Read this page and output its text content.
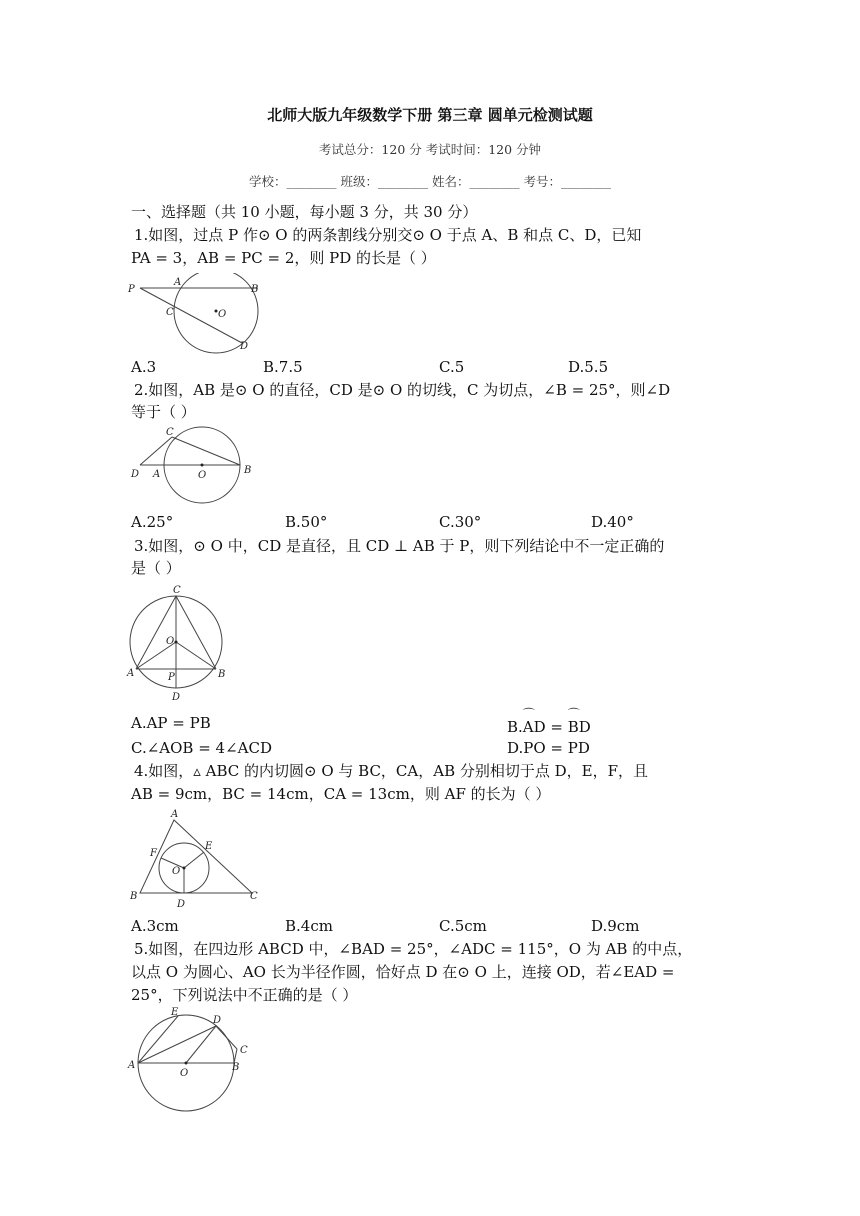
北师大版九年级数学下册 第三章 圆单元检测试题
考试总分：120 分 考试时间：120 分钟
学校：________ 班级：________ 姓名：________ 考号：________
一、选择题（共 10 小题，每小题 3 分，共 30 分）
1.如图，过点 P 作⊙ O 的两条割线分别交⊙ O 于点 A、B 和点 C、D，已知
PA = 3，AB = PC = 2，则 PD 的长是（ ）
P
A
B
C	O
D
A.3	B.7.5	C.5	D.5.5
2.如图，AB 是⊙ O 的直径，CD 是⊙ O 的切线，C 为切点，∠B = 25°，则∠D
等于（ ）
C
D A	O	B
A.25°	B.50°	C.30°	D.40°
3.如图，⊙ O 中，CD 是直径，且 CD ⊥ AB 于 P，则下列结论中不一定正确的
是（ ）
C
O
A	P	B
D
A.AP = PB	B.⌒ AD = ⌒ BD
C.∠AOB = 4∠ACD	D.PO = PD
4.如图，▵ ABC 的内切圆⊙ O 与 BC，CA，AB 分别相切于点 D，E，F，且
AB = 9cm，BC = 14cm，CA = 13cm，则 AF 的长为（ ）
A
F
E
O
B
D
C
A.3cm	B.4cm	C.5cm	D.9cm
5.如图，在四边形 ABCD 中，∠BAD = 25°，∠ADC = 115°，O 为 AB 的中点，
以点 O 为圆心、AO 长为半径作圆，恰好点 D 在⊙ O 上，连接 OD，若∠EAD =
25°，下列说法中不正确的是（ ）
E
D
C
A
O
B
